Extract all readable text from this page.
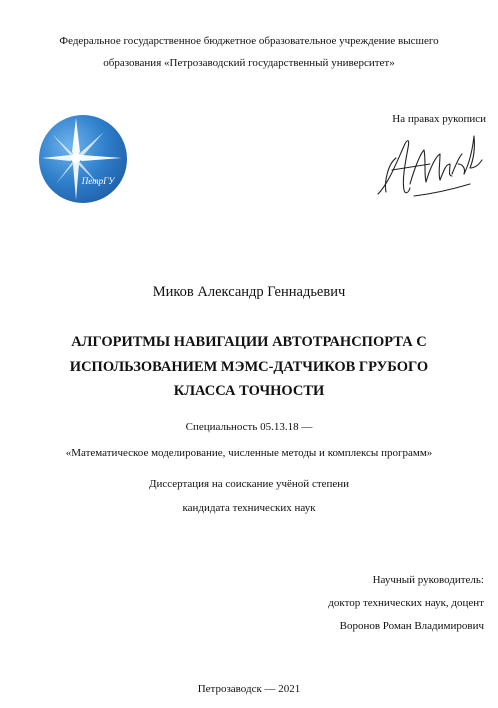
Федеральное государственное бюджетное образовательное учреждение высшего
образования «Петрозаводский государственный университет»
На правах рукописи
ПетрГУ
Миков Александр Геннадьевич
АЛГОРИТМЫ НАВИГАЦИИ АВТОТРАНСПОРТА С
ИСПОЛЬЗОВАНИЕМ МЭМС-ДАТЧИКОВ ГРУБОГО
КЛАССА ТОЧНОСТИ
Специальность 05.13.18 —
«Математическое моделирование, численные методы и комплексы программ»
Диссертация на соискание учёной степени
кандидата технических наук
Научный руководитель:
доктор технических наук, доцент
Воронов Роман Владимирович
Петрозаводск — 2021
